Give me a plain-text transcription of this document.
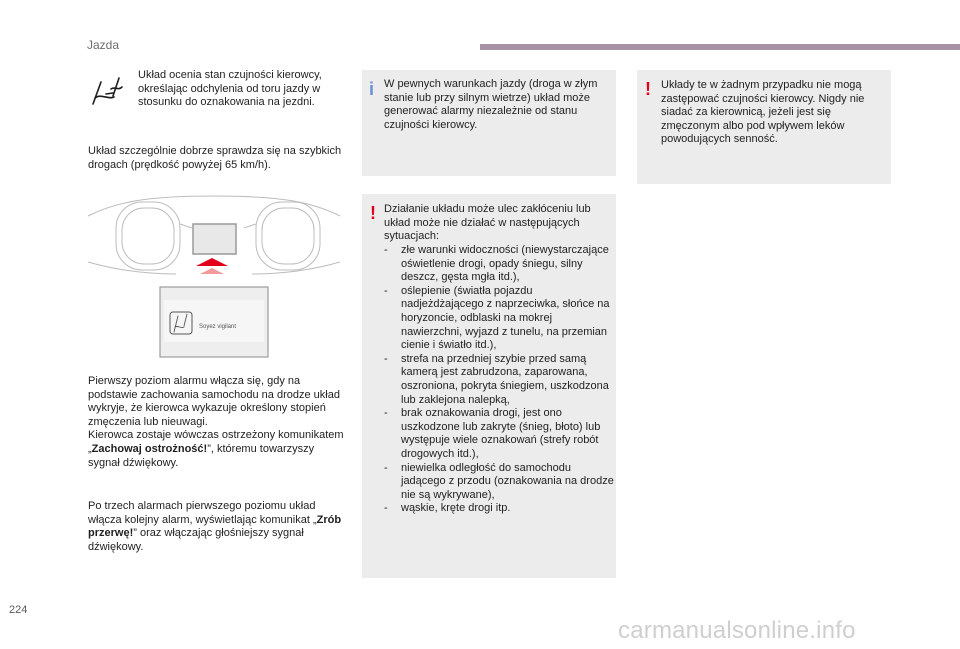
Jazda
Układ ocenia stan czujności kierowcy, określając odchylenia od toru jazdy w stosunku do oznakowania na jezdni.
Układ szczególnie dobrze sprawdza się na szybkich drogach (prędkość powyżej 65 km/h).
Soyez vigilant
Pierwszy poziom alarmu włącza się, gdy na podstawie zachowania samochodu na drodze układ wykryje, że kierowca wykazuje określony stopień zmęczenia lub nieuwagi.
Kierowca zostaje wówczas ostrzeżony komunikatem „Zachowaj ostrożność!”, któremu towarzyszy sygnał dźwiękowy.
Po trzech alarmach pierwszego poziomu układ włącza kolejny alarm, wyświetlając komunikat „Zrób przerwę!” oraz włączając głośniejszy sygnał dźwiękowy.
i W pewnych warunkach jazdy (droga w złym stanie lub przy silnym wietrze) układ może generować alarmy niezależnie od stanu czujności kierowcy.
! Działanie układu może ulec zakłóceniu lub układ może nie działać w następujących sytuacjach:
- złe warunki widoczności (niewystarczające oświetlenie drogi, opady śniegu, silny deszcz, gęsta mgła itd.),
- oślepienie (światła pojazdu nadjeżdżającego z naprzeciwka, słońce na horyzoncie, odblaski na mokrej nawierzchni, wyjazd z tunelu, na przemian cienie i światło itd.),
- strefa na przedniej szybie przed samą kamerą jest zabrudzona, zaparowana, oszroniona, pokryta śniegiem, uszkodzona lub zaklejona nalepką,
- brak oznakowania drogi, jest ono uszkodzone lub zakryte (śnieg, błoto) lub występuje wiele oznakowań (strefy robót drogowych itd.),
- niewielka odległość do samochodu jadącego z przodu (oznakowania na drodze nie są wykrywane),
- wąskie, kręte drogi itp.
! Układy te w żadnym przypadku nie mogą zastępować czujności kierowcy. Nigdy nie siadać za kierownicą, jeżeli jest się zmęczonym albo pod wpływem leków powodujących senność.
224
carmanualsonline.info
